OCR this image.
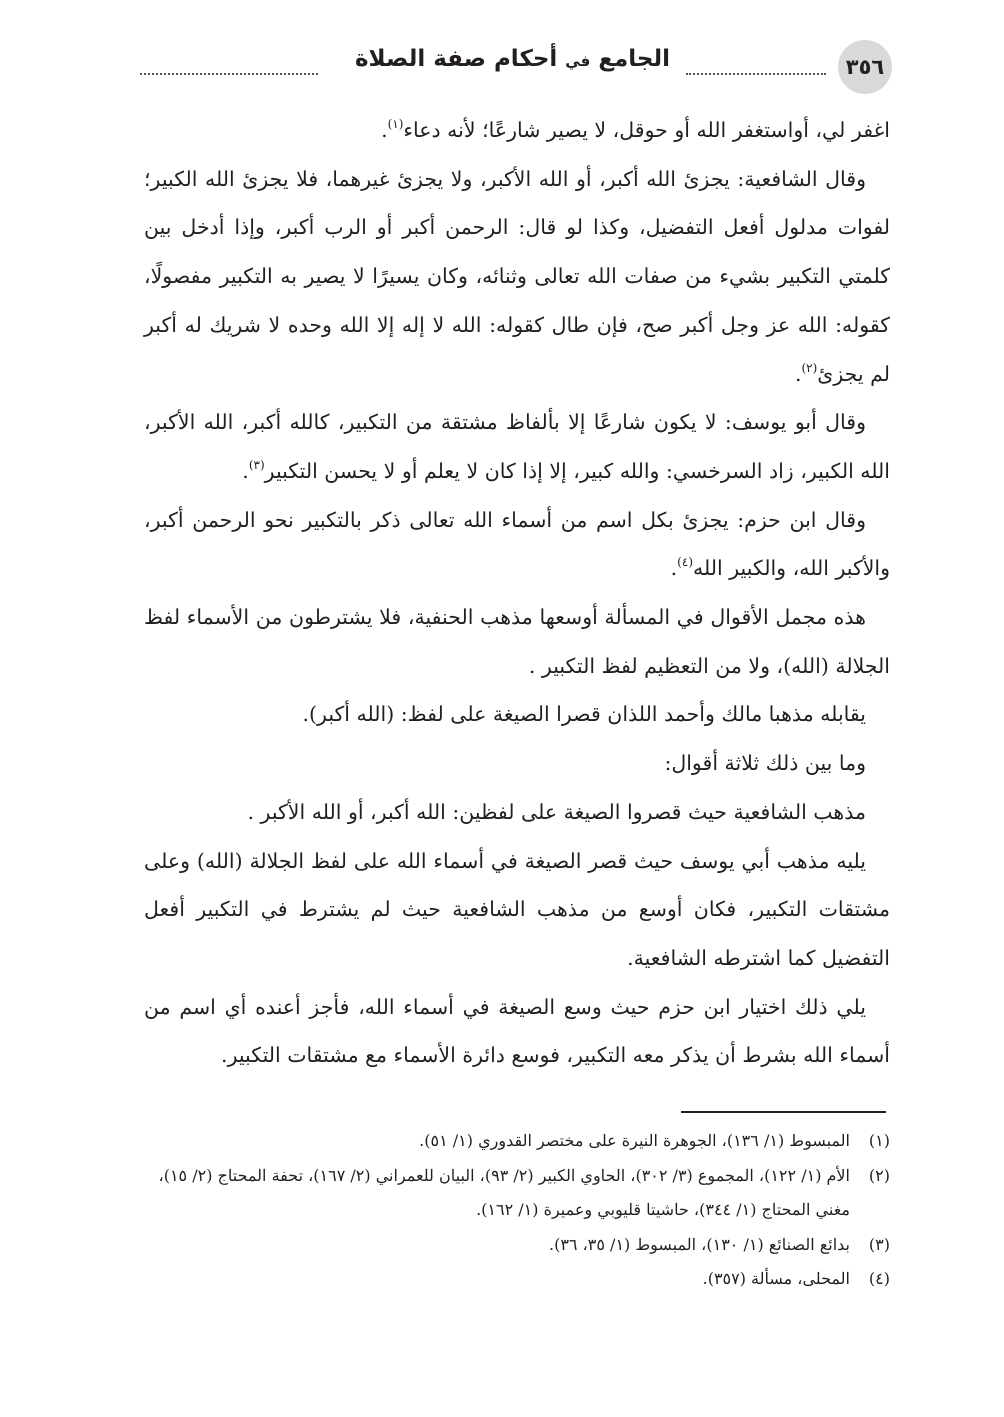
٣٥٦
الجامع في أحكام صفة الصلاة

اغفر لي، أواستغفر الله أو حوقل، لا يصير شارعًا؛ لأنه دعاء$^{(١)}$.

وقال الشافعية: يجزئ الله أكبر، أو الله الأكبر، ولا يجزئ غيرهما، فلا يجزئ الله الكبير؛ لفوات مدلول أفعل التفضيل، وكذا لو قال: الرحمن أكبر أو الرب أكبر، وإذا أدخل بين كلمتي التكبير بشيء من صفات الله تعالى وثنائه، وكان يسيرًا لا يصير به التكبير مفصولًا، كقوله: الله عز وجل أكبر صح، فإن طال كقوله: الله لا إله إلا الله وحده لا شريك له أكبر لم يجزئ$^{(٢)}$.

وقال أبو يوسف: لا يكون شارعًا إلا بألفاظ مشتقة من التكبير، كالله أكبر، الله الأكبر، الله الكبير، زاد السرخسي: والله كبير، إلا إذا كان لا يعلم أو لا يحسن التكبير$^{(٣)}$.

وقال ابن حزم: يجزئ بكل اسم من أسماء الله تعالى ذكر بالتكبير نحو الرحمن أكبر، والأكبر الله، والكبير الله$^{(٤)}$.

هذه مجمل الأقوال في المسألة أوسعها مذهب الحنفية، فلا يشترطون من الأسماء لفظ الجلالة (الله)، ولا من التعظيم لفظ التكبير .

يقابله مذهبا مالك وأحمد اللذان قصرا الصيغة على لفظ: (الله أكبر).

وما بين ذلك ثلاثة أقوال:

مذهب الشافعية حيث قصروا الصيغة على لفظين: الله أكبر، أو الله الأكبر .

يليه مذهب أبي يوسف حيث قصر الصيغة في أسماء الله على لفظ الجلالة (الله) وعلى مشتقات التكبير، فكان أوسع من مذهب الشافعية حيث لم يشترط في التكبير أفعل التفضيل كما اشترطه الشافعية.

يلي ذلك اختيار ابن حزم حيث وسع الصيغة في أسماء الله، فأجز أعنده أي اسم من أسماء الله بشرط أن يذكر معه التكبير، فوسع دائرة الأسماء مع مشتقات التكبير.

(١)
المبسوط (١/ ١٣٦)، الجوهرة النيرة على مختصر القدوري (١/ ٥١).
(٢)
الأم (١/ ١٢٢)، المجموع (٣/ ٣٠٢)، الحاوي الكبير (٢/ ٩٣)، البيان للعمراني (٢/ ١٦٧)، تحفة المحتاج (٢/ ١٥)، مغني المحتاج (١/ ٣٤٤)، حاشيتا قليوبي وعميرة (١/ ١٦٢).
(٣)
بدائع الصنائع (١/ ١٣٠)، المبسوط (١/ ٣٥، ٣٦).
(٤)
المحلى، مسألة (٣٥٧).
